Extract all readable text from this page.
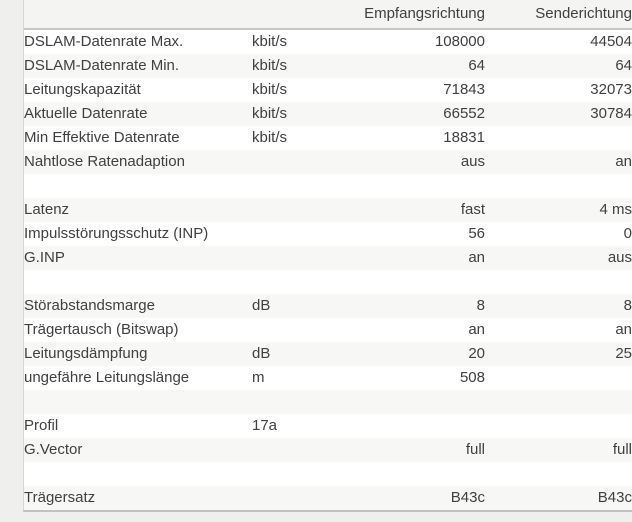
		Empfangsrichtung	Senderichtung
DSLAM-Datenrate Max.	kbit/s	108000	44504
DSLAM-Datenrate Min.	kbit/s	64	64
Leitungskapazität	kbit/s	71843	32073
Aktuelle Datenrate	kbit/s	66552	30784
Min Effektive Datenrate	kbit/s	18831	
Nahtlose Ratenadaption		aus	an

Latenz		fast	4 ms
Impulsstörungsschutz (INP)		56	0
G.INP		an	aus

Störabstandsmarge	dB	8	8
Trägertausch (Bitswap)		an	an
Leitungsdämpfung	dB	20	25
ungefähre Leitungslänge	m	508	

Profil	17a		
G.Vector		full	full

Trägersatz		B43c	B43c
